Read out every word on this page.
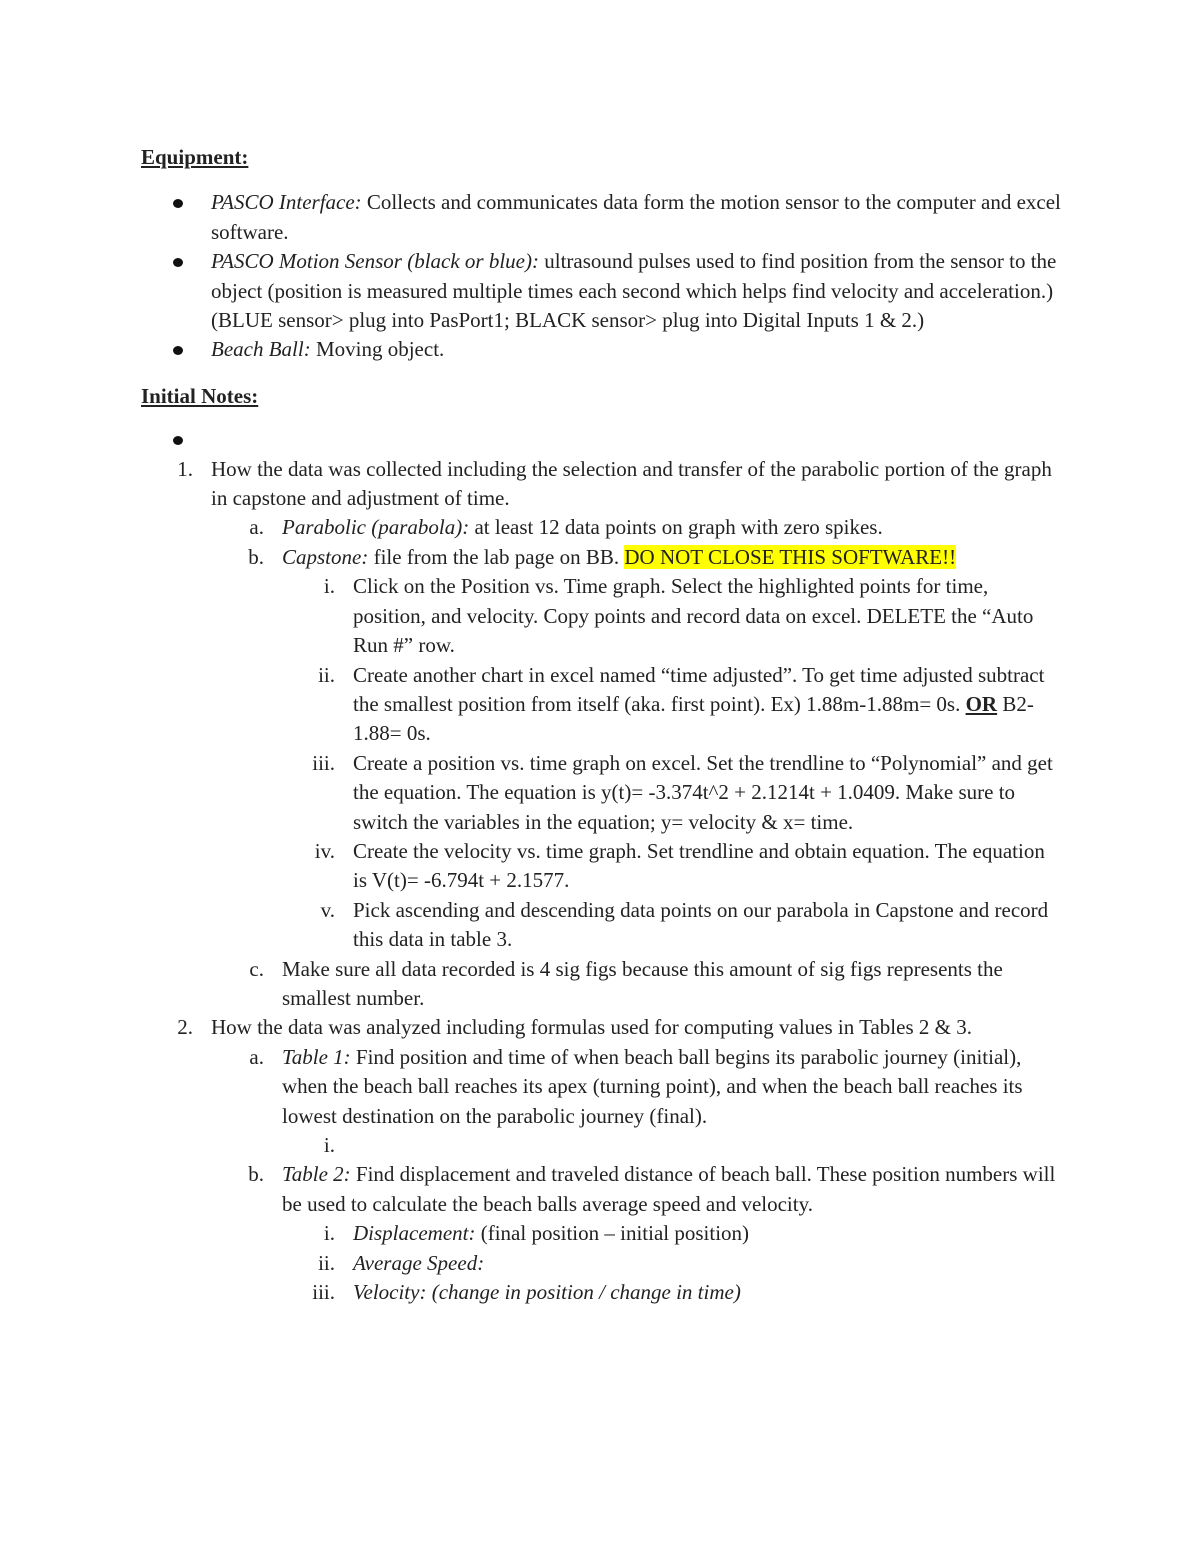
Equipment:

PASCO Interface: Collects and communicates data form the motion sensor to the computer and excel software.
PASCO Motion Sensor (black or blue): ultrasound pulses used to find position from the sensor to the object (position is measured multiple times each second which helps find velocity and acceleration.) (BLUE sensor> plug into PasPort1; BLACK sensor> plug into Digital Inputs 1 & 2.)
Beach Ball: Moving object.

Initial Notes:

1. How the data was collected including the selection and transfer of the parabolic portion of the graph in capstone and adjustment of time.
a. Parabolic (parabola): at least 12 data points on graph with zero spikes.
b. Capstone: file from the lab page on BB. DO NOT CLOSE THIS SOFTWARE!!
i. Click on the Position vs. Time graph. Select the highlighted points for time, position, and velocity. Copy points and record data on excel. DELETE the “Auto Run #” row.
ii. Create another chart in excel named “time adjusted”. To get time adjusted subtract the smallest position from itself (aka. first point). Ex) 1.88m-1.88m= 0s. OR B2-1.88= 0s.
iii. Create a position vs. time graph on excel. Set the trendline to “Polynomial” and get the equation. The equation is y(t)= -3.374t^2 + 2.1214t + 1.0409. Make sure to switch the variables in the equation; y= velocity & x= time.
iv. Create the velocity vs. time graph. Set trendline and obtain equation. The equation is V(t)= -6.794t + 2.1577.
v. Pick ascending and descending data points on our parabola in Capstone and record this data in table 3.
c. Make sure all data recorded is 4 sig figs because this amount of sig figs represents the smallest number.
2. How the data was analyzed including formulas used for computing values in Tables 2 & 3.
a. Table 1: Find position and time of when beach ball begins its parabolic journey (initial), when the beach ball reaches its apex (turning point), and when the beach ball reaches its lowest destination on the parabolic journey (final).
i.

b. Table 2: Find displacement and traveled distance of beach ball. These position numbers will be used to calculate the beach balls average speed and velocity.
i. Displacement: (final position – initial position)
ii. Average Speed:
iii. Velocity: (change in position / change in time)
